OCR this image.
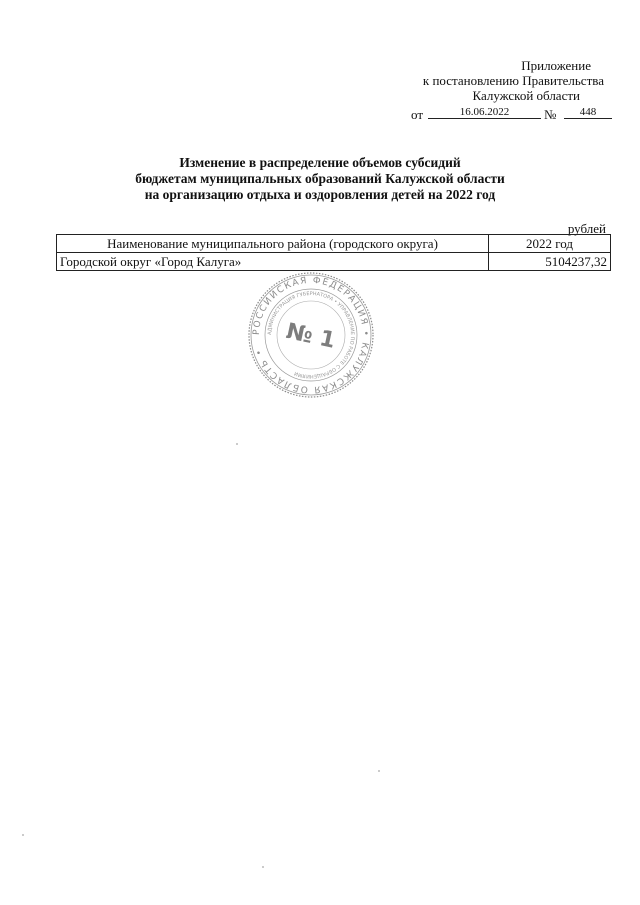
Приложение
к постановлению Правительства
Калужской области
от	16.06.2022	№	448
Изменение в распределение объемов субсидий
бюджетам муниципальных образований Калужской области
на организацию отдыха и оздоровления детей на 2022 год
рублей
Наименование муниципального района (городского округа)	2022 год
Городской округ «Город Калуга»	5104237,32
РОССИЙСКАЯ ФЕДЕРАЦИЯ • КАЛУЖСКАЯ ОБЛАСТЬ •
АДМИНИСТРАЦИЯ ГУБЕРНАТОРА • УПРАВЛЕНИЕ ПО РАБОТЕ С ОБРАЩЕНИЯМИ
№ 1
